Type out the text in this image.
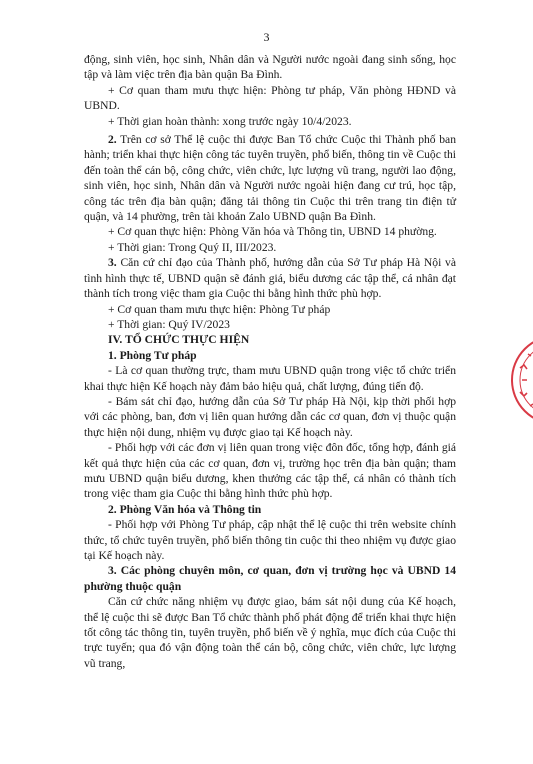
3

động, sinh viên, học sinh, Nhân dân và Người nước ngoài đang sinh sống, học tập và làm việc trên địa bàn quận Ba Đình.

+ Cơ quan tham mưu thực hiện: Phòng tư pháp, Văn phòng HĐND và UBND.

+ Thời gian hoàn thành: xong trước ngày 10/4/2023.

2. Trên cơ sở Thể lệ cuộc thi được Ban Tổ chức Cuộc thi Thành phố ban hành; triển khai thực hiện công tác tuyên truyền, phổ biến, thông tin về Cuộc thi đến toàn thể cán bộ, công chức, viên chức, lực lượng vũ trang, người lao động, sinh viên, học sinh, Nhân dân và Người nước ngoài hiện đang cư trú, học tập, công tác trên địa bàn quận; đăng tải thông tin Cuộc thi trên trang tin điện tử quận, và 14 phường, trên tài khoản Zalo UBND quận Ba Đình.

+ Cơ quan thực hiện: Phòng Văn hóa và Thông tin, UBND 14 phường.

+ Thời gian: Trong Quý II, III/2023.

3. Căn cứ chỉ đạo của Thành phố, hướng dẫn của Sở Tư pháp Hà Nội và tình hình thực tế, UBND quận sẽ đánh giá, biểu dương các tập thể, cá nhân đạt thành tích trong việc tham gia Cuộc thi bằng hình thức phù hợp.

+ Cơ quan tham mưu thực hiện: Phòng Tư pháp

+ Thời gian: Quý IV/2023

IV. TỔ CHỨC THỰC HIỆN

1. Phòng Tư pháp

- Là cơ quan thường trực, tham mưu UBND quận trong việc tổ chức triển khai thực hiện Kế hoạch này đảm bảo hiệu quả, chất lượng, đúng tiến độ.

- Bám sát chỉ đạo, hướng dẫn của Sở Tư pháp Hà Nội, kịp thời phối hợp với các phòng, ban, đơn vị liên quan hướng dẫn các cơ quan, đơn vị thuộc quận thực hiện nội dung, nhiệm vụ được giao tại Kế hoạch này.

- Phối hợp với các đơn vị liên quan trong việc đôn đốc, tổng hợp, đánh giá kết quả thực hiện của các cơ quan, đơn vị, trường học trên địa bàn quận; tham mưu UBND quận biểu dương, khen thưởng các tập thể, cá nhân có thành tích trong việc tham gia Cuộc thi bằng hình thức phù hợp.

2. Phòng Văn hóa và Thông tin

- Phối hợp với Phòng Tư pháp, cập nhật thể lệ cuộc thi trên website chính thức, tổ chức tuyên truyền, phổ biến thông tin cuộc thi theo nhiệm vụ được giao tại Kế hoạch này.

3. Các phòng chuyên môn, cơ quan, đơn vị trường học và UBND 14 phường thuộc quận

Căn cứ chức năng nhiệm vụ được giao, bám sát nội dung của Kế hoạch, thể lệ cuộc thi sẽ được Ban Tổ chức thành phố phát động để triển khai thực hiện tốt công tác thông tin, tuyên truyền, phổ biến về ý nghĩa, mục đích của Cuộc thi trực tuyến; qua đó vận động toàn thể cán bộ, công chức, viên chức, lực lượng vũ trang,
